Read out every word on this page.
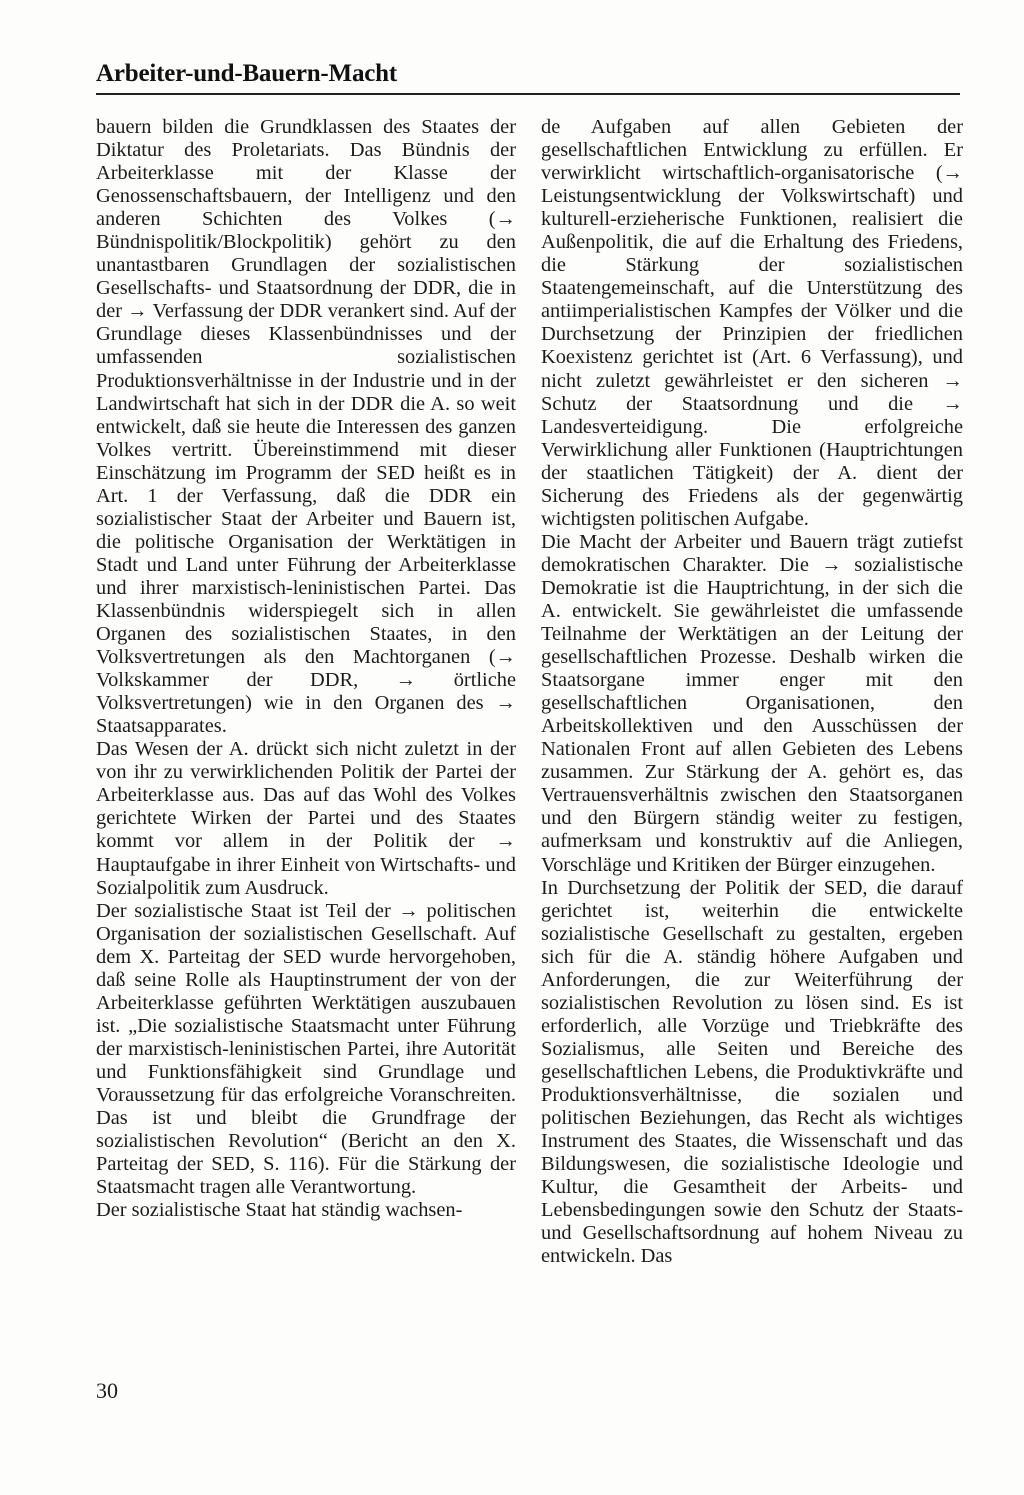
Arbeiter-und-Bauern-Macht

bauern bilden die Grundklassen des Staates der Diktatur des Proletariats. Das Bündnis der Arbeiterklasse mit der Klasse der Genossenschaftsbauern, der Intelligenz und den anderen Schichten des Volkes (→ Bündnispolitik/Blockpolitik) gehört zu den unantastbaren Grundlagen der sozialistischen Gesellschafts- und Staatsordnung der DDR, die in der → Verfassung der DDR verankert sind. Auf der Grundlage dieses Klassenbündnisses und der umfassenden sozialistischen Produktionsverhältnisse in der Industrie und in der Landwirtschaft hat sich in der DDR die A. so weit entwickelt, daß sie heute die Interessen des ganzen Volkes vertritt. Übereinstimmend mit dieser Einschätzung im Programm der SED heißt es in Art. 1 der Verfassung, daß die DDR ein sozialistischer Staat der Arbeiter und Bauern ist, die politische Organisation der Werktätigen in Stadt und Land unter Führung der Arbeiterklasse und ihrer marxistisch-leninistischen Partei. Das Klassenbündnis widerspiegelt sich in allen Organen des sozialistischen Staates, in den Volksvertretungen als den Machtorganen (→ Volkskammer der DDR, → örtliche Volksvertretungen) wie in den Organen des → Staatsapparates.

Das Wesen der A. drückt sich nicht zuletzt in der von ihr zu verwirklichenden Politik der Partei der Arbeiterklasse aus. Das auf das Wohl des Volkes gerichtete Wirken der Partei und des Staates kommt vor allem in der Politik der → Hauptaufgabe in ihrer Einheit von Wirtschafts- und Sozialpolitik zum Ausdruck.

Der sozialistische Staat ist Teil der → politischen Organisation der sozialistischen Gesellschaft. Auf dem X. Parteitag der SED wurde hervorgehoben, daß seine Rolle als Hauptinstrument der von der Arbeiterklasse geführten Werktätigen auszubauen ist. „Die sozialistische Staatsmacht unter Führung der marxistisch-leninistischen Partei, ihre Autorität und Funktionsfähigkeit sind Grundlage und Voraussetzung für das erfolgreiche Voranschreiten. Das ist und bleibt die Grundfrage der sozialistischen Revolution“ (Bericht an den X. Parteitag der SED, S. 116). Für die Stärkung der Staatsmacht tragen alle Verantwortung.

Der sozialistische Staat hat ständig wachsen-

de Aufgaben auf allen Gebieten der gesellschaftlichen Entwicklung zu erfüllen. Er verwirklicht wirtschaftlich-organisatorische (→ Leistungsentwicklung der Volkswirtschaft) und kulturell-erzieherische Funktionen, realisiert die Außenpolitik, die auf die Erhaltung des Friedens, die Stärkung der sozialistischen Staatengemeinschaft, auf die Unterstützung des antiimperialistischen Kampfes der Völker und die Durchsetzung der Prinzipien der friedlichen Koexistenz gerichtet ist (Art. 6 Verfassung), und nicht zuletzt gewährleistet er den sicheren → Schutz der Staatsordnung und die → Landesverteidigung. Die erfolgreiche Verwirklichung aller Funktionen (Hauptrichtungen der staatlichen Tätigkeit) der A. dient der Sicherung des Friedens als der gegenwärtig wichtigsten politischen Aufgabe.

Die Macht der Arbeiter und Bauern trägt zutiefst demokratischen Charakter. Die → sozialistische Demokratie ist die Hauptrichtung, in der sich die A. entwickelt. Sie gewährleistet die umfassende Teilnahme der Werktätigen an der Leitung der gesellschaftlichen Prozesse. Deshalb wirken die Staatsorgane immer enger mit den gesellschaftlichen Organisationen, den Arbeitskollektiven und den Ausschüssen der Nationalen Front auf allen Gebieten des Lebens zusammen. Zur Stärkung der A. gehört es, das Vertrauensverhältnis zwischen den Staatsorganen und den Bürgern ständig weiter zu festigen, aufmerksam und konstruktiv auf die Anliegen, Vorschläge und Kritiken der Bürger einzugehen.

In Durchsetzung der Politik der SED, die darauf gerichtet ist, weiterhin die entwickelte sozialistische Gesellschaft zu gestalten, ergeben sich für die A. ständig höhere Aufgaben und Anforderungen, die zur Weiterführung der sozialistischen Revolution zu lösen sind. Es ist erforderlich, alle Vorzüge und Triebkräfte des Sozialismus, alle Seiten und Bereiche des gesellschaftlichen Lebens, die Produktivkräfte und Produktionsverhältnisse, die sozialen und politischen Beziehungen, das Recht als wichtiges Instrument des Staates, die Wissenschaft und das Bildungswesen, die sozialistische Ideologie und Kultur, die Gesamtheit der Arbeits- und Lebensbedingungen sowie den Schutz der Staats- und Gesellschaftsordnung auf hohem Niveau zu entwickeln. Das

30
